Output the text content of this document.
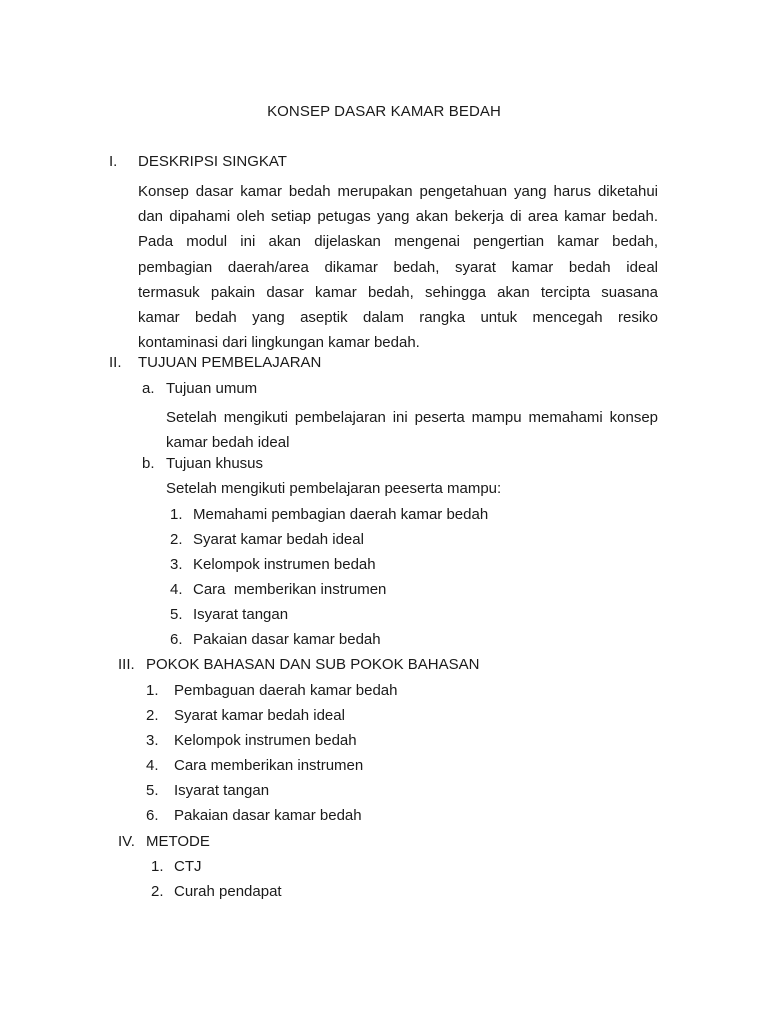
KONSEP DASAR KAMAR BEDAH
I. DESKRIPSI SINGKAT
Konsep dasar kamar bedah merupakan pengetahuan yang harus diketahui
dan dipahami oleh setiap petugas yang akan bekerja di area kamar bedah.
Pada modul ini akan dijelaskan mengenai pengertian kamar bedah,
pembagian daerah/area dikamar bedah, syarat kamar bedah ideal
termasuk pakain dasar kamar bedah, sehingga akan tercipta suasana
kamar bedah yang aseptik dalam rangka untuk mencegah resiko
kontaminasi dari lingkungan kamar bedah.
II. TUJUAN PEMBELAJARAN
a. Tujuan umum
Setelah mengikuti pembelajaran ini peserta mampu memahami konsep
kamar bedah ideal
b. Tujuan khusus
Setelah mengikuti pembelajaran peeserta mampu:
1. Memahami pembagian daerah kamar bedah
2. Syarat kamar bedah ideal
3. Kelompok instrumen bedah
4. Cara  memberikan instrumen
5. Isyarat tangan
6. Pakaian dasar kamar bedah
III. POKOK BAHASAN DAN SUB POKOK BAHASAN
1. Pembaguan daerah kamar bedah
2. Syarat kamar bedah ideal
3. Kelompok instrumen bedah
4. Cara memberikan instrumen
5. Isyarat tangan
6. Pakaian dasar kamar bedah
IV. METODE
1. CTJ
2. Curah pendapat
